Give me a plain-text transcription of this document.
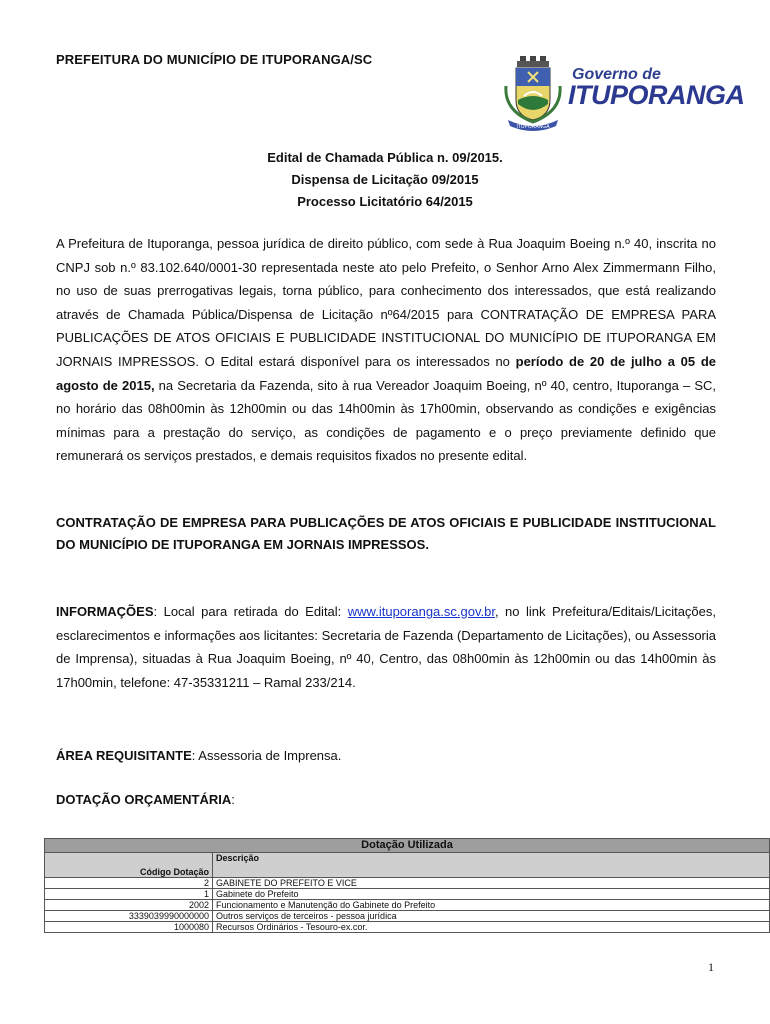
PREFEITURA DO MUNICÍPIO DE ITUPORANGA/SC
ITUPORANGA
Governo de
ITUPORANGA
Edital de Chamada Pública n. 09/2015.
Dispensa de Licitação 09/2015
Processo Licitatório 64/2015
A Prefeitura de Ituporanga, pessoa jurídica de direito público, com sede à Rua Joaquim Boeing n.º 40, inscrita no CNPJ sob n.º 83.102.640/0001-30 representada neste ato pelo Prefeito, o Senhor Arno Alex Zimmermann Filho, no uso de suas prerrogativas legais, torna público, para conhecimento dos interessados, que está realizando através de Chamada Pública/Dispensa de Licitação nº64/2015 para CONTRATAÇÃO DE EMPRESA PARA PUBLICAÇÕES DE ATOS OFICIAIS E PUBLICIDADE INSTITUCIONAL DO MUNICÍPIO DE ITUPORANGA EM JORNAIS IMPRESSOS. O Edital estará disponível para os interessados no período de 20 de julho a 05 de agosto de 2015, na Secretaria da Fazenda, sito à rua Vereador Joaquim Boeing, nº 40, centro, Ituporanga – SC, no horário das 08h00min às 12h00min ou das 14h00min às 17h00min, observando as condições e exigências mínimas para a prestação do serviço, as condições de pagamento e o preço previamente definido que remunerará os serviços prestados, e demais requisitos fixados no presente edital.
CONTRATAÇÃO DE EMPRESA PARA PUBLICAÇÕES DE ATOS OFICIAIS E PUBLICIDADE INSTITUCIONAL DO MUNICÍPIO DE ITUPORANGA EM JORNAIS IMPRESSOS.
INFORMAÇÕES: Local para retirada do Edital: www.ituporanga.sc.gov.br, no link Prefeitura/Editais/Licitações, esclarecimentos e informações aos licitantes: Secretaria de Fazenda (Departamento de Licitações), ou Assessoria de Imprensa), situadas à Rua Joaquim Boeing, nº 40, Centro, das 08h00min às 12h00min ou das 14h00min às 17h00min, telefone: 47-35331211 – Ramal 233/214.
ÁREA REQUISITANTE: Assessoria de Imprensa.
DOTAÇÃO ORÇAMENTÁRIA:
Dotação Utilizada	
Código Dotação	Descrição
2	GABINETE DO PREFEITO E VICE
1	Gabinete do Prefeito
2002	Funcionamento e Manutenção do Gabinete do Prefeito
3339039990000000	Outros serviços de terceiros - pessoa jurídica
1000080	Recursos Ordinários - Tesouro-ex.cor.
1
